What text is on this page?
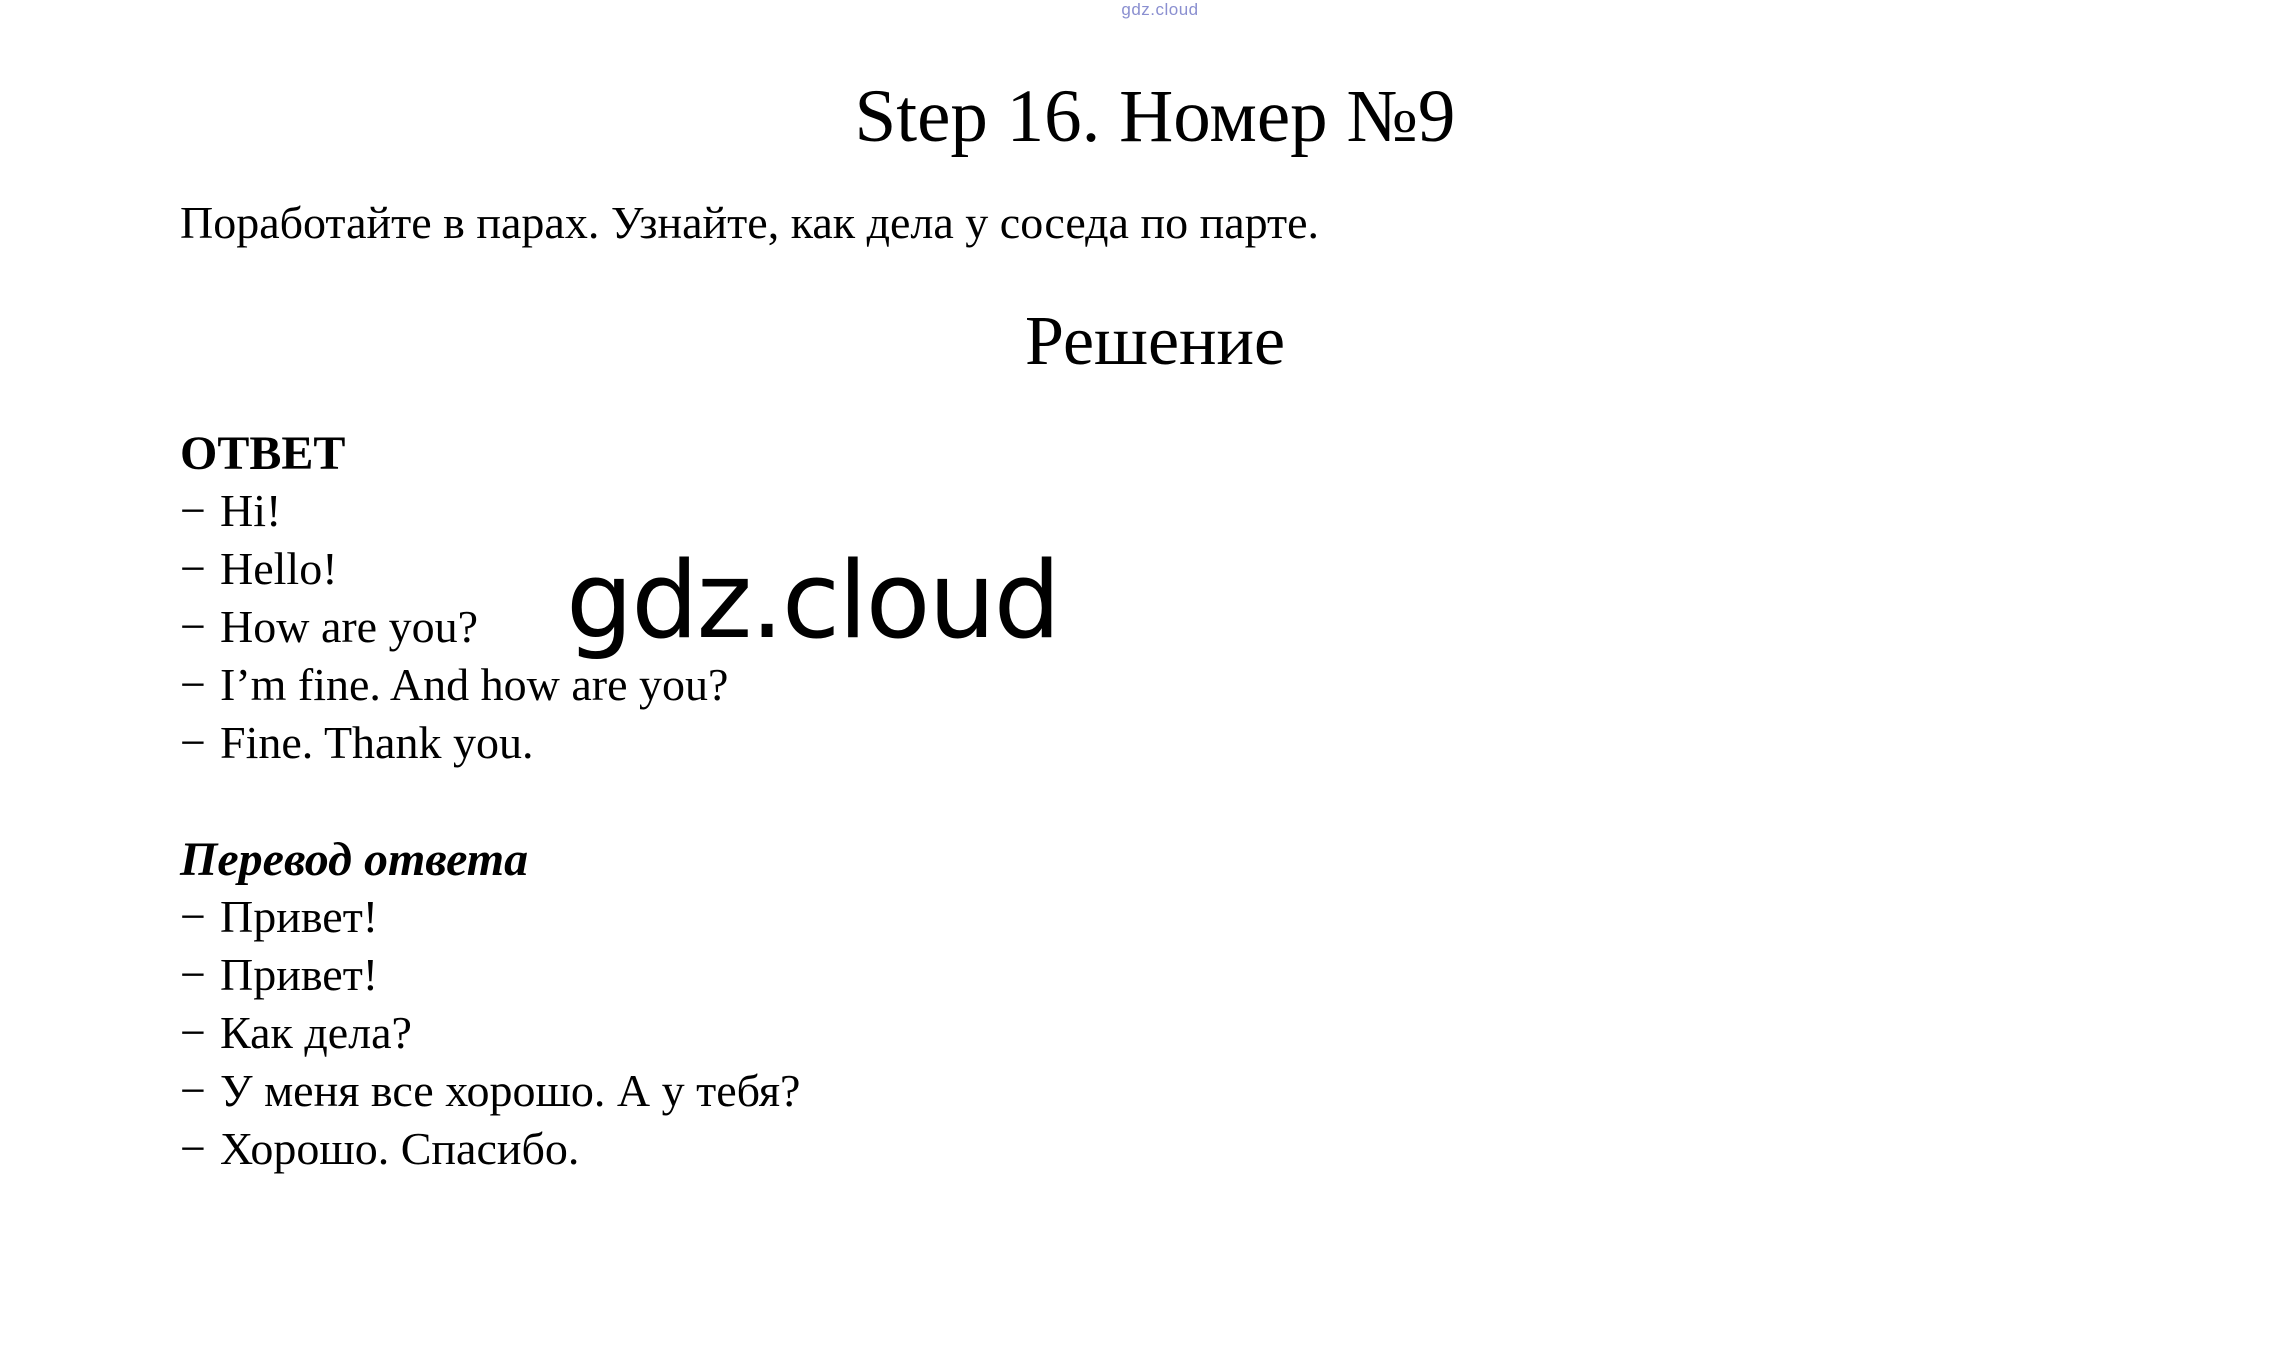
gdz.cloud
Step 16. Номер №9
Поработайте в парах. Узнайте, как дела у соседа по парте.
Решение
ОТВЕТ
− Hi!
− Hello!
− How are you?
− I’m fine. And how are you?
− Fine. Thank you.
Перевод ответа
− Привет!
− Привет!
− Как дела?
− У меня все хорошо. А у тебя?
− Хорошо. Спасибо.
gdz.cloud
